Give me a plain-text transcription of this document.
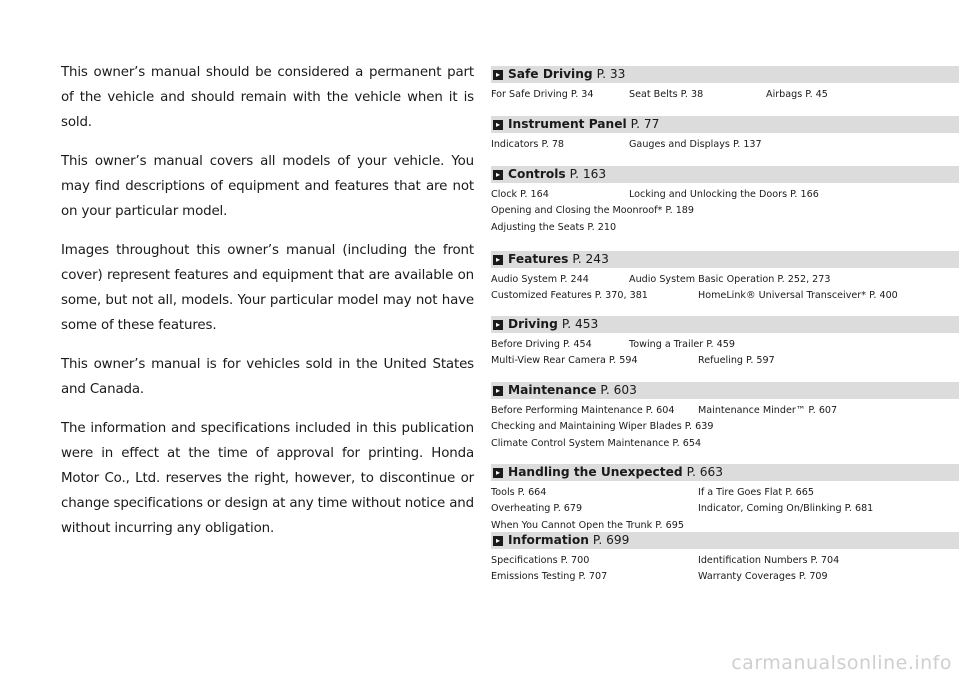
This owner’s manual should be considered a permanent part of the vehicle and should remain with the vehicle when it is sold.

This owner’s manual covers all models of your vehicle. You may find descriptions of equipment and features that are not on your particular model.

Images throughout this owner’s manual (including the front cover) represent features and equipment that are available on some, but not all, models. Your particular model may not have some of these features.

This owner’s manual is for vehicles sold in the United States and Canada.

The information and specifications included in this publication were in effect at the time of approval for printing. Honda Motor Co., Ltd. reserves the right, however, to discontinue or change specifications or design at any time without notice and without incurring any obligation.

▸ Safe Driving P. 33
For Safe Driving P. 34	Seat Belts P. 38	Airbags P. 45
▸ Instrument Panel P. 77
Indicators P. 78	Gauges and Displays P. 137
▸ Controls P. 163
Clock P. 164	Locking and Unlocking the Doors P. 166
Opening and Closing the Moonroof* P. 189
Adjusting the Seats P. 210
▸ Features P. 243
Audio System P. 244	Audio System Basic Operation P. 252, 273
Customized Features P. 370, 381	HomeLink® Universal Transceiver* P. 400
▸ Driving P. 453
Before Driving P. 454	Towing a Trailer P. 459
Multi-View Rear Camera P. 594	Refueling P. 597
▸ Maintenance P. 603
Before Performing Maintenance P. 604 Maintenance Minder™ P. 607
Checking and Maintaining Wiper Blades P. 639
Climate Control System Maintenance P. 654
▸ Handling the Unexpected P. 663
Tools P. 664	If a Tire Goes Flat P. 665
Overheating P. 679	Indicator, Coming On/Blinking P. 681
When You Cannot Open the Trunk P. 695
▸ Information P. 699
Specifications P. 700	Identification Numbers P. 704
Emissions Testing P. 707	Warranty Coverages P. 709
carmanualsonline.info
